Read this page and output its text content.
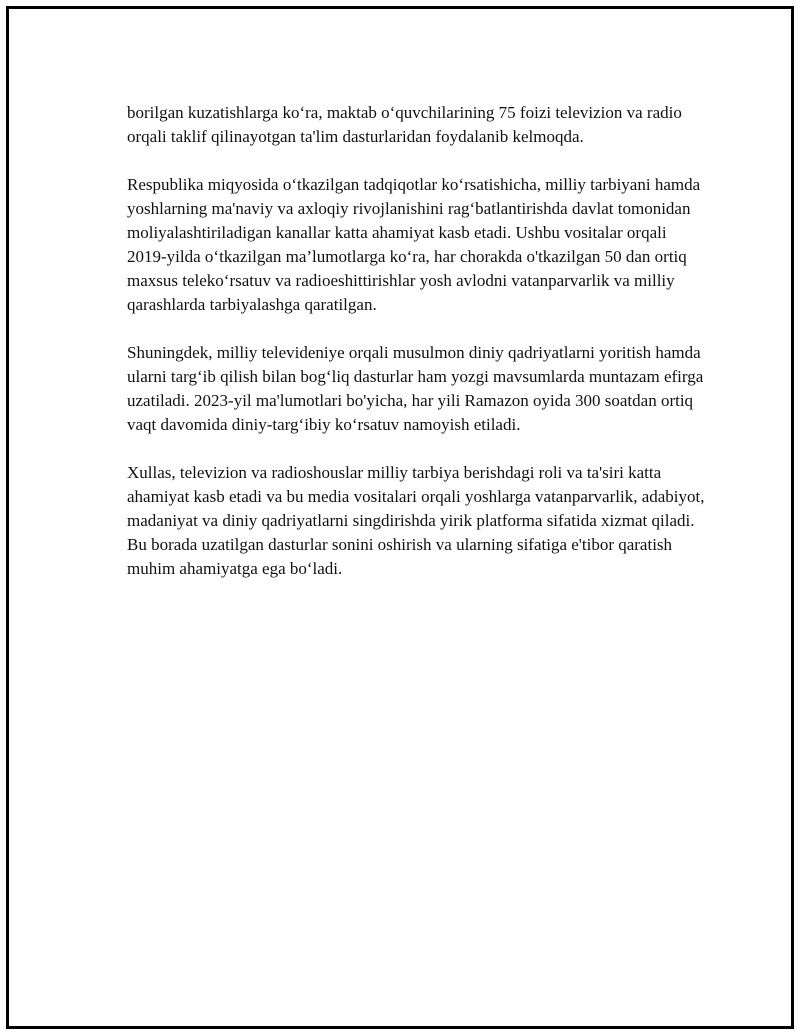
borilgan kuzatishlarga ko‘ra, maktab o‘quvchilarining 75 foizi televizion va radio orqali taklif qilinayotgan ta'lim dasturlaridan foydalanib kelmoqda.

Respublika miqyosida o‘tkazilgan tadqiqotlar ko‘rsatishicha, milliy tarbiyani hamda yoshlarning ma'naviy va axloqiy rivojlanishini rag‘batlantirishda davlat tomonidan moliyalashtiriladigan kanallar katta ahamiyat kasb etadi. Ushbu vositalar orqali 2019-yilda o‘tkazilgan ma’lumotlarga ko‘ra, har chorakda o'tkazilgan 50 dan ortiq maxsus teleko‘rsatuv va radioeshittirishlar yosh avlodni vatanparvarlik va milliy qarashlarda tarbiyalashga qaratilgan.

Shuningdek, milliy televideniye orqali musulmon diniy qadriyatlarni yoritish hamda ularni targ‘ib qilish bilan bog‘liq dasturlar ham yozgi mavsumlarda muntazam efirga uzatiladi. 2023-yil ma'lumotlari bo'yicha, har yili Ramazon oyida 300 soatdan ortiq vaqt davomida diniy-targ‘ibiy ko‘rsatuv namoyish etiladi.

Xullas, televizion va radioshouslar milliy tarbiya berishdagi roli va ta'siri katta ahamiyat kasb etadi va bu media vositalari orqali yoshlarga vatanparvarlik, adabiyot, madaniyat va diniy qadriyatlarni singdirishda yirik platforma sifatida xizmat qiladi. Bu borada uzatilgan dasturlar sonini oshirish va ularning sifatiga e'tibor qaratish muhim ahamiyatga ega bo‘ladi.
